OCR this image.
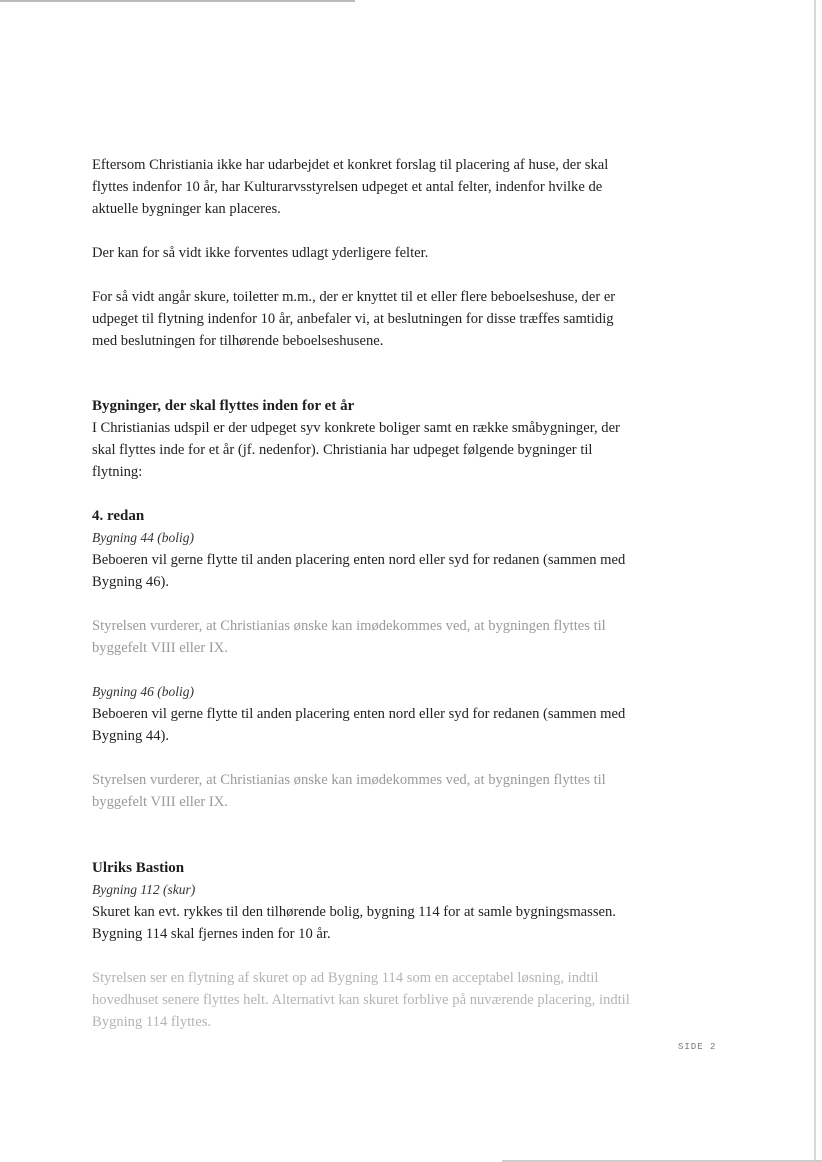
Eftersom Christiania ikke har udarbejdet et konkret forslag til placering af huse, der skal flyttes indenfor 10 år, har Kulturarvsstyrelsen udpeget et antal felter, indenfor hvilke de aktuelle bygninger kan placeres.

Der kan for så vidt ikke forventes udlagt yderligere felter.

For så vidt angår skure, toiletter m.m., der er knyttet til et eller flere beboelseshuse, der er udpeget til flytning indenfor 10 år, anbefaler vi, at beslutningen for disse træffes samtidig med beslutningen for tilhørende beboelseshusene.

Bygninger, der skal flyttes inden for et år

I Christianias udspil er der udpeget syv konkrete boliger samt en række småbygninger, der skal flyttes inde for et år (jf. nedenfor). Christiania har udpeget følgende bygninger til flytning:

4. redan
Bygning 44 (bolig)

Beboeren vil gerne flytte til anden placering enten nord eller syd for redanen (sammen med Bygning 46).

Styrelsen vurderer, at Christianias ønske kan imødekommes ved, at bygningen flyttes til byggefelt VIII eller IX.

Bygning 46 (bolig)

Beboeren vil gerne flytte til anden placering enten nord eller syd for redanen (sammen med Bygning 44).

Styrelsen vurderer, at Christianias ønske kan imødekommes ved, at bygningen flyttes til byggefelt VIII eller IX.

Ulriks Bastion
Bygning 112 (skur)

Skuret kan evt. rykkes til den tilhørende bolig, bygning 114 for at samle bygningsmassen. Bygning 114 skal fjernes inden for 10 år.

Styrelsen ser en flytning af skuret op ad Bygning 114 som en acceptabel løsning, indtil hovedhuset senere flyttes helt. Alternativt kan skuret forblive på nuværende placering, indtil Bygning 114 flyttes.

SIDE 2
